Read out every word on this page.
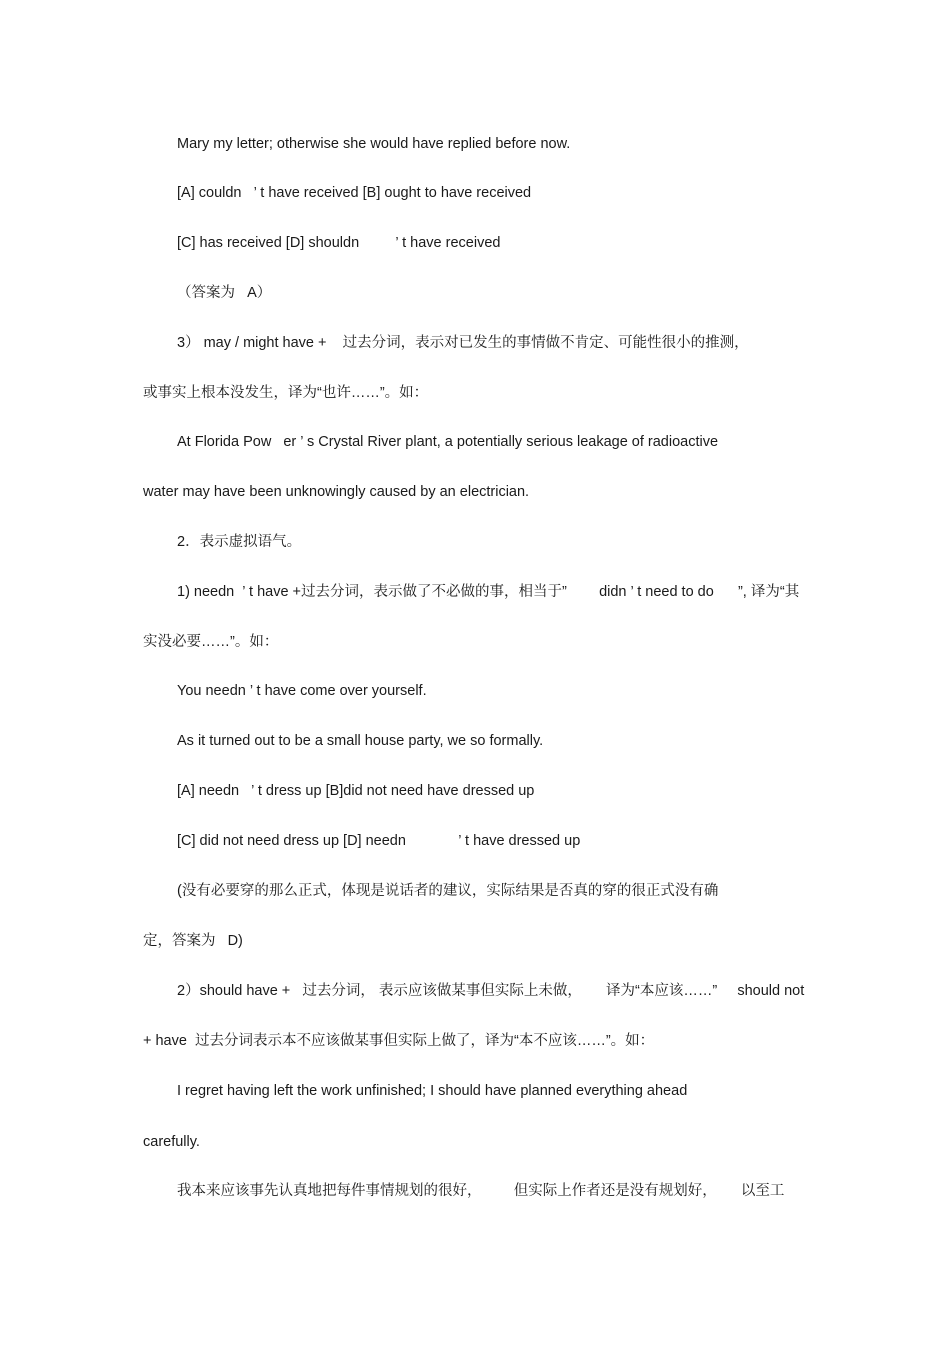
Mary my letter; otherwise she would have replied before now.
[A] couldn   ’ t have received [B] ought to have received
[C] has received [D] shouldn         ’ t have received
（答案为   A）
3） may / might have +    过去分词，表示对已发生的事情做不肯定、可能性很小的推测，
或事实上根本没发生，译为“也许……”。如：
At Florida Pow   er ’ s Crystal River plant, a potentially serious leakage of radioactive
water may have been unknowingly caused by an electrician.
2．表示虚拟语气。
1) needn  ’ t have +过去分词，表示做了不必做的事，相当于”        didn ’ t need to do      ”, 译为“其
实没必要……”。如：
You needn ’ t have come over yourself.
As it turned out to be a small house party, we so formally.
[A] needn   ’ t dress up [B]did not need have dressed up
[C] did not need dress up [D] needn             ’ t have dressed up
(没有必要穿的那么正式，体现是说话者的建议，实际结果是否真的穿的很正式没有确
定，答案为   D)
2）should have +   过去分词， 表示应该做某事但实际上未做，      译为“本应该……”     should not
+ have  过去分词表示本不应该做某事但实际上做了，译为“本不应该……”。如：
I regret having left the work unfinished; I should have planned everything ahead
carefully.
我本来应该事先认真地把每件事情规划的很好，        但实际上作者还是没有规划好，      以至工
